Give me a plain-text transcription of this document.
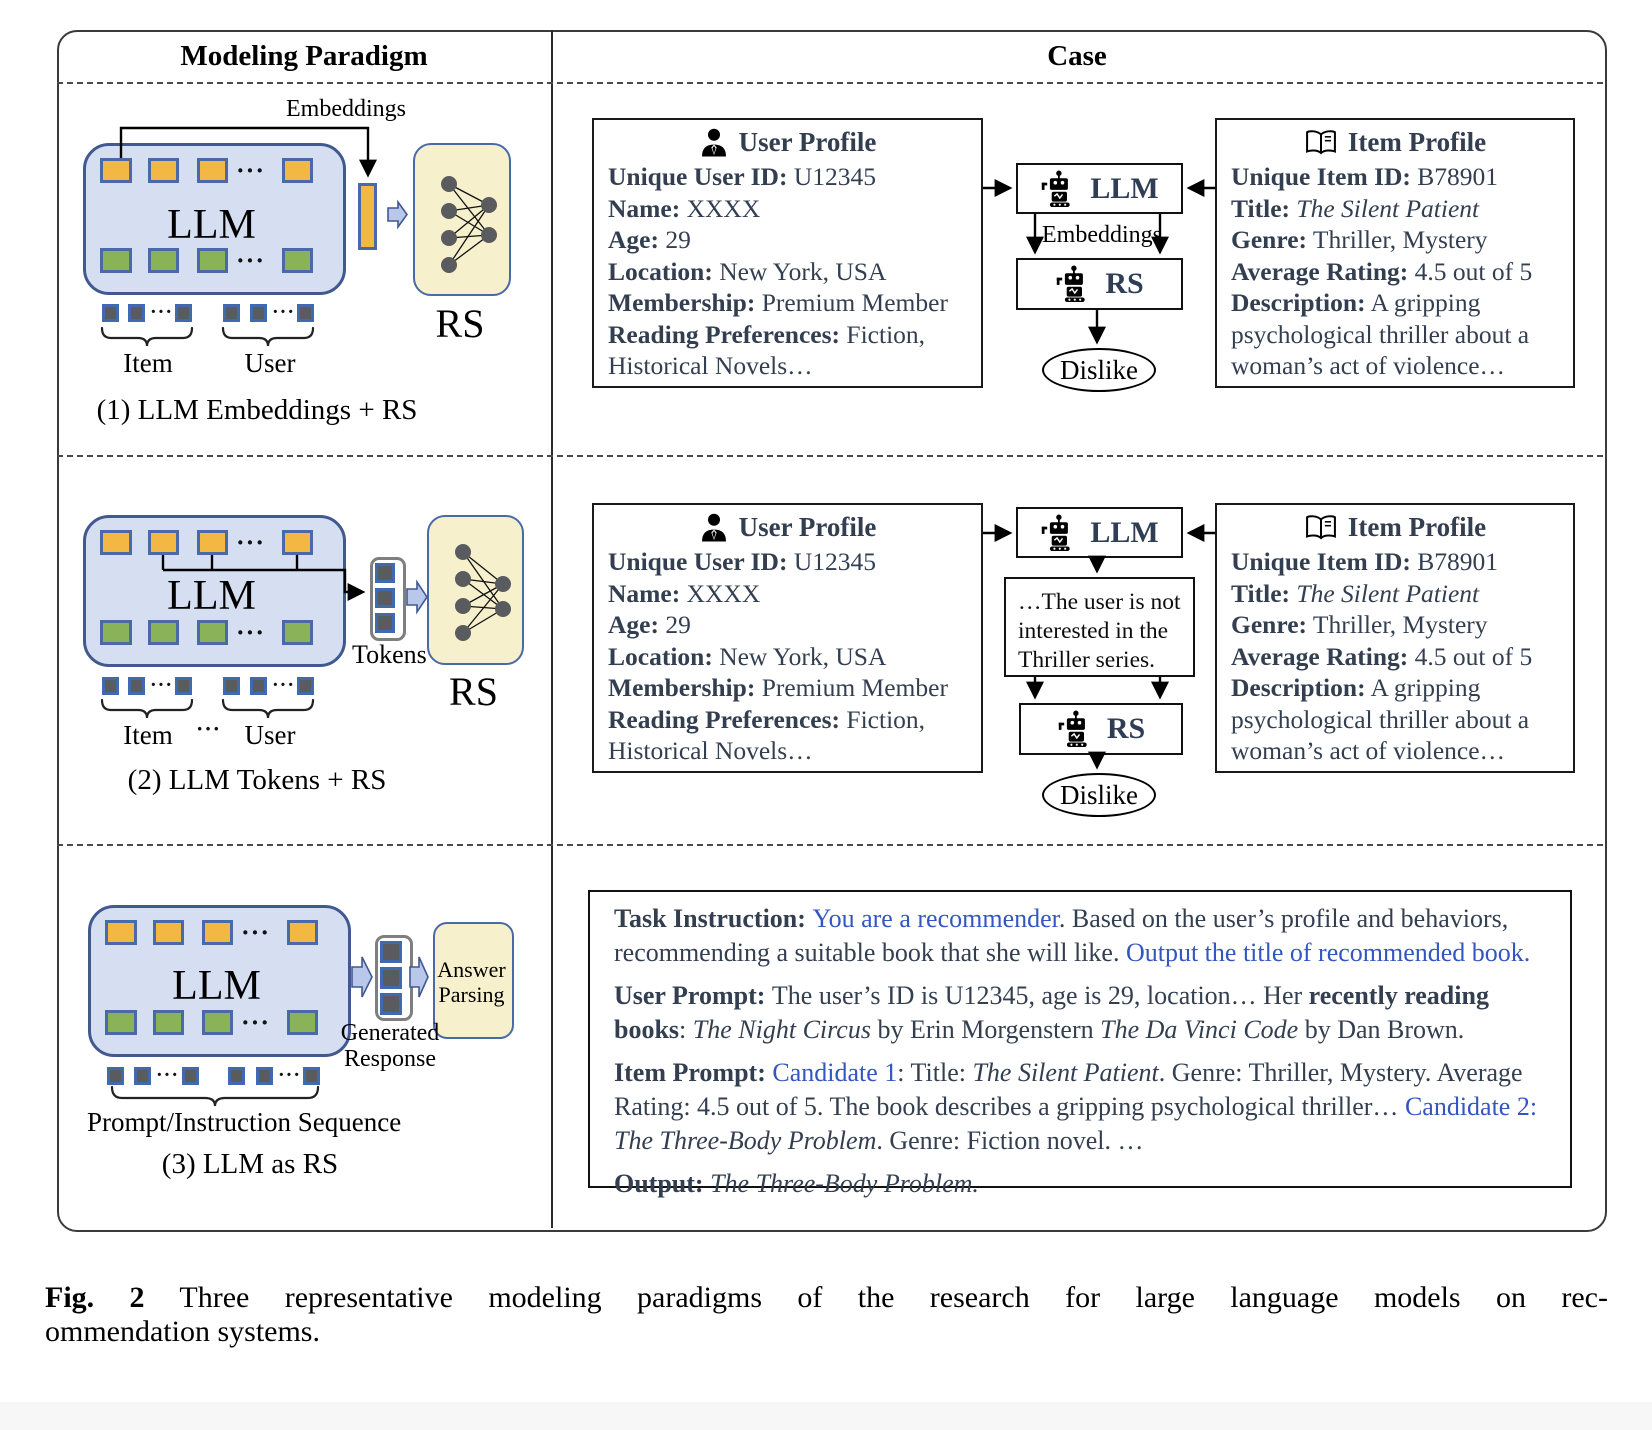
Modeling Paradigm	Case
Embeddings
···
LLM
···
RS
···	···
Item	User
(1) LLM Embeddings + RS
···
LLM
···
Tokens
RS
···	···
Item	··· User
(2) LLM Tokens + RS
···
LLM
···
Answer
Parsing
Generated
Response
···	···
Prompt/Instruction Sequence
(3) LLM as RS
User Profile
Unique User ID: U12345
Name: XXXX
Age: 29
Location: New York, USA
Membership: Premium Member
Reading Preferences: Fiction,
Historical Novels…
LLM
Embeddings
RS
Dislike
Item Profile
Unique Item ID: B78901
Title: The Silent Patient
Genre: Thriller, Mystery
Average Rating: 4.5 out of 5
Description: A gripping
psychological thriller about a
woman’s act of violence…
User Profile
Unique User ID: U12345
Name: XXXX
Age: 29
Location: New York, USA
Membership: Premium Member
Reading Preferences: Fiction,
Historical Novels…
LLM
…The user is not
interested in the
Thriller series.
RS
Dislike
Item Profile
Unique Item ID: B78901
Title: The Silent Patient
Genre: Thriller, Mystery
Average Rating: 4.5 out of 5
Description: A gripping
psychological thriller about a
woman’s act of violence…

Task Instruction: You are a recommender. Based on the user’s profile and behaviors, recommending a suitable book that she will like. Output the title of recommended book.

User Prompt: The user’s ID is U12345, age is 29, location… Her recently reading books: The Night Circus by Erin Morgenstern The Da Vinci Code by Dan Brown.

Item Prompt: Candidate 1: Title: The Silent Patient. Genre: Thriller, Mystery. Average Rating: 4.5 out of 5. The book describes a gripping psychological thriller… Candidate 2: The Three-Body Problem. Genre: Fiction novel. …

Output: The Three-Body Problem.

Fig. 2 Three representative modeling paradigms of the research for large language models on rec-
ommendation systems.
